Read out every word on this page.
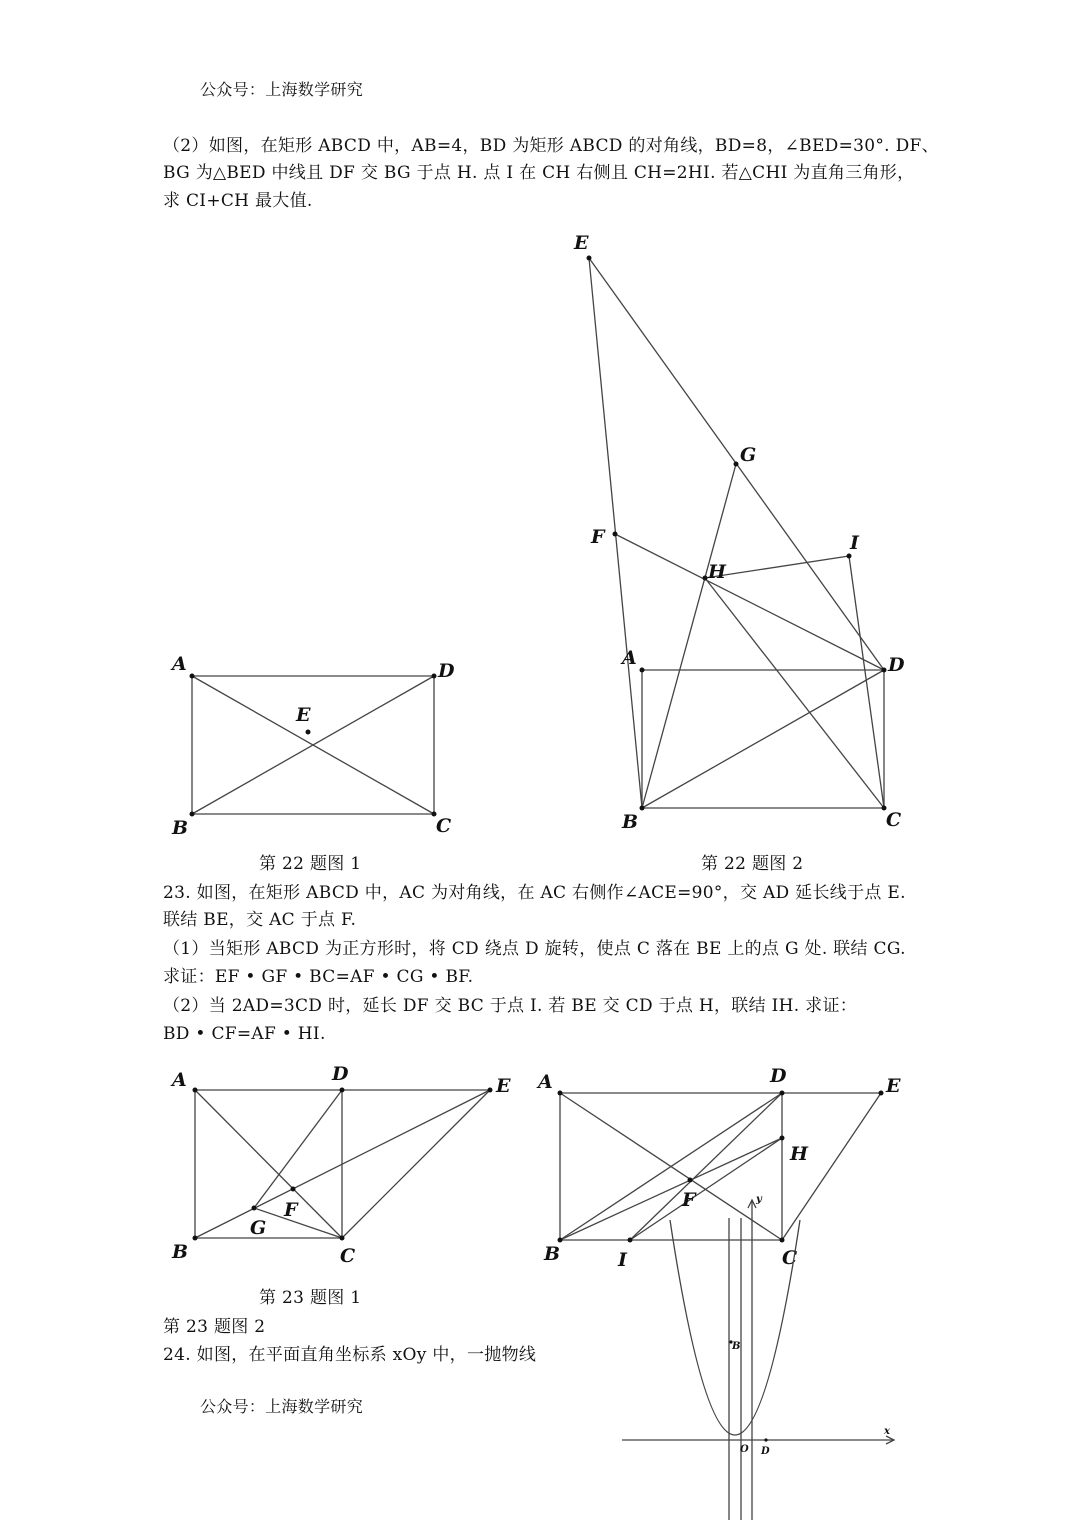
公众号：上海数学研究
（2）如图，在矩形 ABCD 中，AB=4，BD 为矩形 ABCD 的对角线，BD=8，∠BED=30°. DF、
BG 为△BED 中线且 DF 交 BG 于点 H. 点 I 在 CH 右侧且 CH=2HI. 若△CHI 为直角三角形，
求 CI+CH 最大值.
A	D
E
B	C
E
G
F	I
H
A	D
B	C
A	D
E
F
G
B	C
A	D	E
H
F
B	I	C
y
x
O
B
D
第 22 题图 1	第 22 题图 2
23. 如图，在矩形 ABCD 中，AC 为对角线，在 AC 右侧作∠ACE=90°，交 AD 延长线于点 E.
联结 BE，交 AC 于点 F.
（1）当矩形 ABCD 为正方形时，将 CD 绕点 D 旋转，使点 C 落在 BE 上的点 G 处. 联结 CG.
求证：EF • GF • BC=AF • CG • BF.
（2）当 2AD=3CD 时，延长 DF 交 BC 于点 I. 若 BE 交 CD 于点 H，联结 IH. 求证：
BD • CF=AF • HI.
第 23 题图 1
第 23 题图 2
24. 如图，在平面直角坐标系 xOy 中，一抛物线
公众号：上海数学研究
